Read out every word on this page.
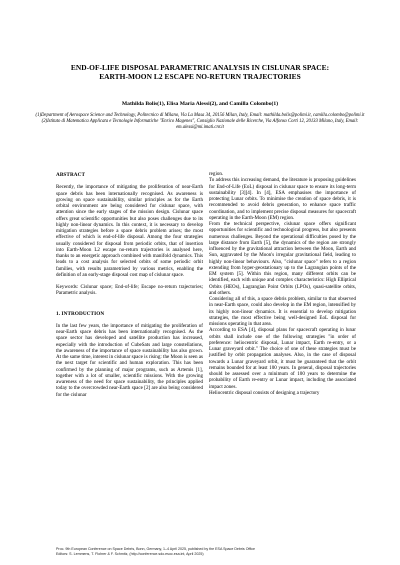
END-OF-LIFE DISPOSAL PARAMETRIC ANALYSIS IN CISLUNAR SPACE:
EARTH-MOON L2 ESCAPE NO-RETURN TRAJECTORIES
Mathilda Bolis(1), Elisa Maria Alessi(2), and Camilla Colombo(1)

(1)Department of Aerospace Science and Technology, Politecnico di Milano, Via La Masa 34, 20156 Milan, Italy, Email: mathilda.bolis@polimi.it, camilla.colombo@polimi.it

(2)Istituto di Matematica Applicata e Tecnologie Informatiche "Enrico Magenes", Consiglio Nazionale delle Ricerche, Via Alfonso Corti 12, 20133 Milano, Italy, Email: em.alessi@mi.imati.cnr.it

ABSTRACT

Recently, the importance of mitigating the proliferation of near-Earth space debris has been internationally recognised. As awareness is growing on space sustainability, similar principles as for the Earth orbital environment are being considered for cislunar space, with attention since the early stages of the mission design. Cislunar space offers great scientific opportunities but also poses challenges due to its highly non-linear dynamics. In this context, it is necessary to develop mitigation strategies before a space debris problem arises; the most effective of which is end-of-life disposal. Among the four strategies usually considered for disposal from periodic orbits, that of insertion into Earth-Moon L2 escape no-return trajectories is analysed here, thanks to an energetic approach combined with manifold dynamics. This leads to a cost analysis for selected orbits of some periodic orbit families, with results parametrised by various metrics, enabling the definition of an early-stage disposal cost map of cislunar space.

Keywords: Cislunar space; End-of-life; Escape no-return trajectories; Parametric analysis.

1. INTRODUCTION

In the last few years, the importance of mitigating the proliferation of near-Earth space debris has been internationally recognised. As the space sector has developed and satellite production has increased, especially with the introduction of CubeSats and large constellations, the awareness of the importance of space sustainability has also grown. At the same time, interest in cislunar space is rising: the Moon is seen as the next target for scientific and human exploration. This has been confirmed by the planning of major programs, such as Artemis [1], together with a lot of smaller, scientific missions. With the growing awareness of the need for space sustainability, the principles applied today to the overcrowded near-Earth space [2] are also being considered for the cislunar

region.

To address this increasing demand, the literature is proposing guidelines for End-of-Life (EoL) disposal in cislunar space to ensure its long-term sustainability [3][4]. In [4], ESA emphasises the importance of protecting Lunar orbits. To minimise the creation of space debris, it is recommended to avoid debris generation, to enhance space traffic coordination, and to implement precise disposal measures for spacecraft operating in the Earth-Moon (EM) region.

From the technical perspective, cislunar space offers significant opportunities for scientific and technological progress, but also presents numerous challenges. Beyond the operational difficulties posed by the large distance from Earth [5], the dynamics of the region are strongly influenced by the gravitational attraction between the Moon, Earth and Sun, aggravated by the Moon's irregular gravitational field, leading to highly non-linear behaviours. Also, "cislunar space" refers to a region extending from hyper-geostationary up to the Lagrangian points of the EM system [5]. Within this region, many different orbits can be identified, each with unique and complex characteristics: High Elliptical Orbits (HEOs), Lagrangian Point Orbits (LPOs), quasi-satellite orbits, and others.

Considering all of this, a space debris problem, similar to that observed in near-Earth space, could also develop in the EM region, intensified by its highly non-linear dynamics. It is essential to develop mitigation strategies, the most effective being well-designed EoL disposal for missions operating in that area.

According to ESA [4], disposal plans for spacecraft operating in lunar orbits shall include one of the following strategies "in order of preference: heliocentric disposal, Lunar impact, Earth re-entry, or a Lunar graveyard orbit." The choice of one of these strategies must be justified by orbit propagation analyses. Also, in the case of disposal towards a Lunar graveyard orbit, it must be guaranteed that the orbit remains bounded for at least 100 years. In general, disposal trajectories should be assessed over a minimum of 100 years to determine the probability of Earth re-entry or Lunar impact, including the associated impact zones.

Heliocentric disposal consists of designing a trajectory

Proc. 9th European Conference on Space Debris, Bonn, Germany, 1–4 April 2025, published by the ESA Space Debris Office

Editors: S. Lemmens, T. Flohrer & F. Schmitz, (http://conference.sdo.esoc.esa.int, April 2025)
